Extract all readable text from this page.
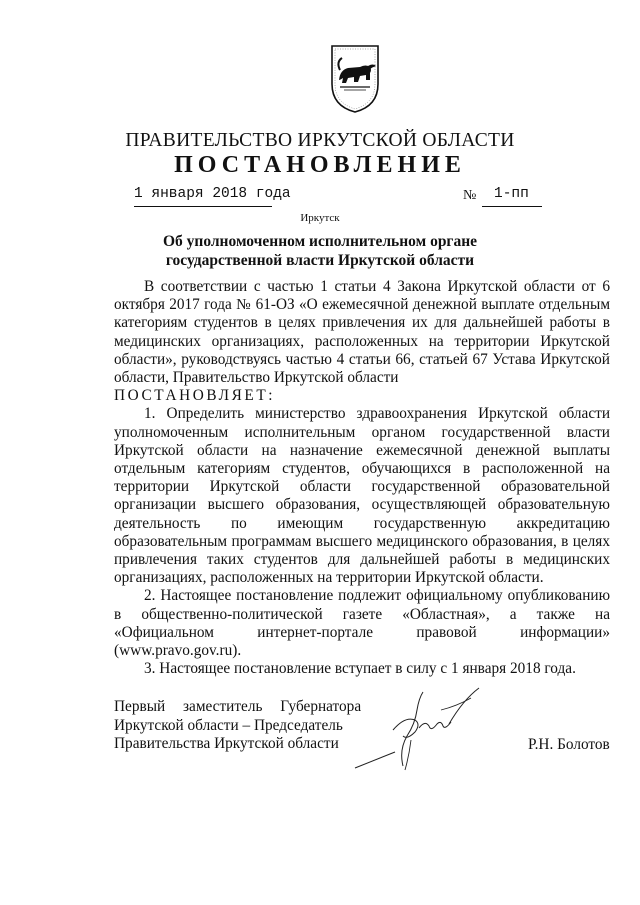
ПРАВИТЕЛЬСТВО ИРКУТСКОЙ ОБЛАСТИ
ПОСТАНОВЛЕНИЕ
1 января 2018 года	№ 1-пп
Иркутск
Об уполномоченном исполнительном органе
государственной власти Иркутской области

В соответствии с частью 1 статьи 4 Закона Иркутской области от 6 октября 2017 года № 61-ОЗ «О ежемесячной денежной выплате отдельным категориям студентов в целях привлечения их для дальнейшей работы в медицинских организациях, расположенных на территории Иркутской области», руководствуясь частью 4 статьи 66, статьей 67 Устава Иркутской области, Правительство Иркутской области

ПОСТАНОВЛЯЕТ:

1. Определить министерство здравоохранения Иркутской области уполномоченным исполнительным органом государственной власти Иркутской области на назначение ежемесячной денежной выплаты отдельным категориям студентов, обучающихся в расположенной на территории Иркутской области государственной образовательной организации высшего образования, осуществляющей образовательную деятельность по имеющим государственную аккредитацию образовательным программам высшего медицинского образования, в целях привлечения таких студентов для дальнейшей работы в медицинских организациях, расположенных на территории Иркутской области.

2. Настоящее постановление подлежит официальному опубликованию в общественно-политической газете «Областная», а также на «Официальном интернет-портале правовой информации» (www.pravo.gov.ru).

3. Настоящее постановление вступает в силу с 1 января 2018 года.

Первый заместитель Губернатора
Иркутской области – Председатель
Правительства Иркутской области	Р.Н. Болотов
